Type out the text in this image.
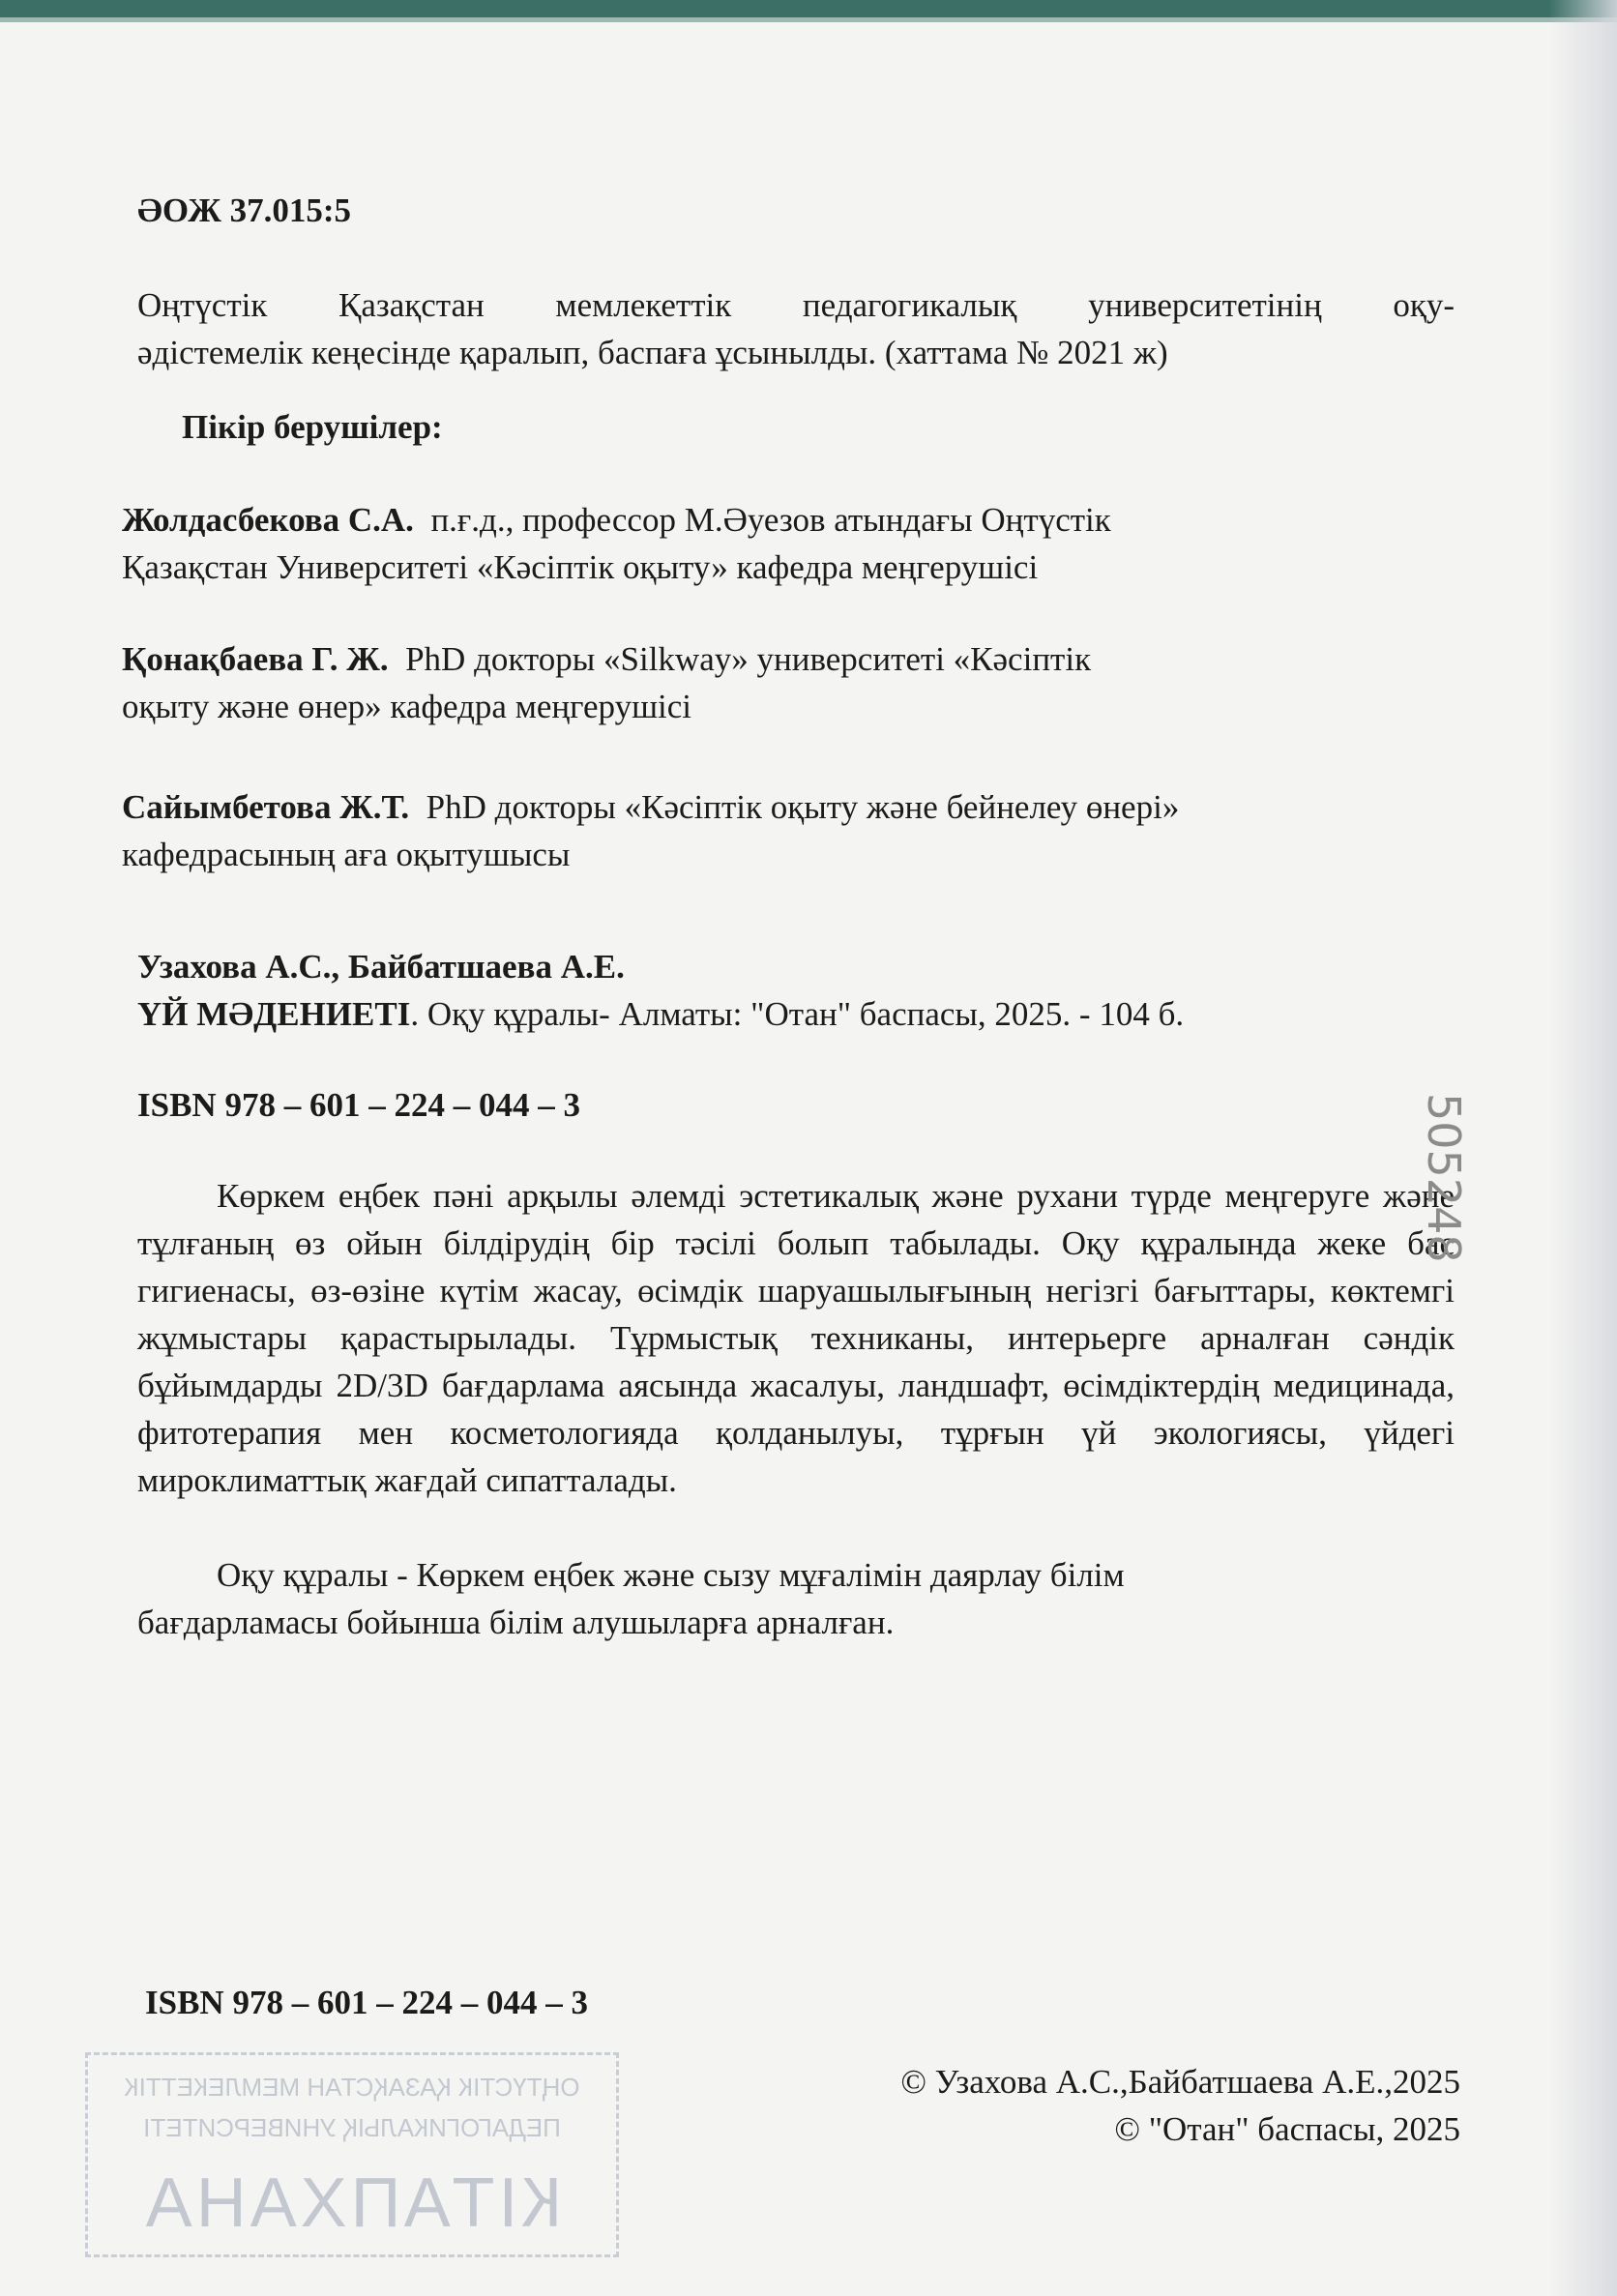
ӘОЖ 37.015:5
Оңтүстік Қазақстан мемлекеттік педагогикалық университетінің оқу-
әдістемелік кеңесінде қаралып, баспаға ұсынылды. (хаттама № 2021 ж)
Пікір берушілер:
Жолдасбекова С.А. п.ғ.д., профессор М.Әуезов атындағы Оңтүстік
Қазақстан Университеті «Кәсіптік оқыту» кафедра меңгерушісі
Қонақбаева Г. Ж. PhD докторы «Silkway» университеті «Кәсіптік
оқыту және өнер» кафедра меңгерушісі
Сайымбетова Ж.Т. PhD докторы «Кәсіптік оқыту және бейнелеу өнері»
кафедрасының аға оқытушысы
Узахова А.С., Байбатшаева А.Е.
ҮЙ МӘДЕНИЕТІ. Оқу құралы- Алматы: "Отан" баспасы, 2025. - 104 б.
ISBN 978 – 601 – 224 – 044 – 3
Көркем еңбек пәні арқылы әлемді эстетикалық және рухани түрде меңгеруге және тұлғаның өз ойын білдірудің бір тәсілі болып табылады. Оқу құралында жеке бас гигиенасы, өз-өзіне күтім жасау, өсімдік шаруашылығының негізгі бағыттары, көктемгі жұмыстары қарастырылады. Тұрмыстық техниканы, интерьерге арналған сәндік бұйымдарды 2D/3D бағдарлама аясында жасалуы, ландшафт, өсімдіктердің медицинада, фитотерапия мен косметологияда қолданылуы, тұрғын үй экологиясы, үйдегі мироклиматтық жағдай сипатталады.
Оқу құралы - Көркем еңбек және сызу мұғалімін даярлау білім
бағдарламасы бойынша білім алушыларға арналған.
ISBN 978 – 601 – 224 – 044 – 3
© Узахова А.С.,Байбатшаева А.Е.,2025
© "Отан" баспасы, 2025
ОҢТҮСТІК ҚАЗАҚСТАН МЕМЛЕКЕТТІК
ПЕДАГОГИКАЛЫҚ УНИВЕРСИТЕТІ
КІТАПХАНА
505248
